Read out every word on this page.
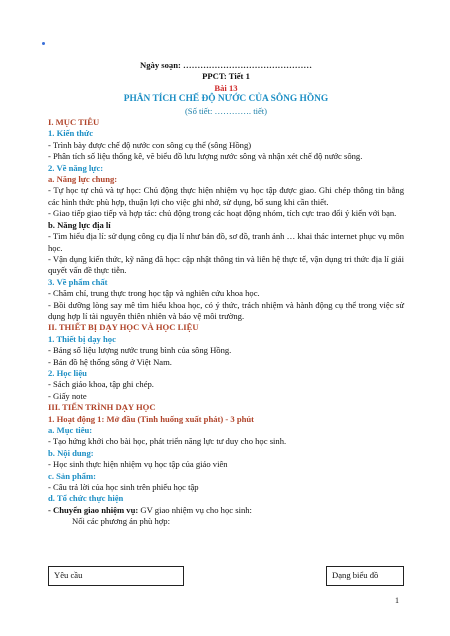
Ngày soạn: ………………………………………

PPCT: Tiết 1

Bài 13

PHÂN TÍCH CHẾ ĐỘ NƯỚC CỦA SÔNG HỒNG

(Số tiết: …………. tiết)

I. MỤC TIÊU

1. Kiến thức

- Trình bày được chế độ nước con sông cụ thể (sông Hồng)

- Phân tích số liệu thống kê, vẽ biểu đồ lưu lượng nước sông và nhận xét chế độ nước sông.

2. Về năng lực:

a. Năng lực chung:

- Tự học tự chủ và tự học: Chủ động thực hiện nhiệm vụ học tập được giao. Ghi chép thông tin bằng các hình thức phù hợp, thuận lợi cho việc ghi nhớ, sử dụng, bổ sung khi cần thiết.

- Giao tiếp giao tiếp và hợp tác: chủ động trong các hoạt động nhóm, tích cực trao đổi ý kiến với bạn.

b. Năng lực địa lí

- Tìm hiểu địa lí: sử dụng công cụ địa lí như bản đồ, sơ đồ, tranh ảnh … khai thác internet phục vụ môn học.

- Vận dụng kiến thức, kỹ năng đã học: cập nhật thông tin và liên hệ thực tế, vận dụng tri thức địa lí giải quyết vấn đề thực tiễn.

3. Về phẩm chất

- Chăm chỉ, trung thực trong học tập và nghiên cứu khoa học.

- Bồi dưỡng lòng say mê tìm hiểu khoa học, có ý thức, trách nhiệm và hành động cụ thể trong việc sử dụng hợp lí tài nguyên thiên nhiên và bảo vệ môi trường.

II. THIẾT BỊ DẠY HỌC VÀ HỌC LIỆU

1. Thiết bị dạy học

- Bảng số liệu lượng nước trung bình của sông Hồng.

- Bản đồ hệ thống sông ở Việt Nam.

2. Học liệu

- Sách giáo khoa, tập ghi chép.

- Giấy note

III. TIẾN TRÌNH DẠY HỌC

1. Hoạt động 1: Mở đầu (Tình huống xuất phát) - 3 phút

a. Mục tiêu:

- Tạo hứng khởi cho bài học, phát triển năng lực tư duy cho học sinh.

b. Nội dung:

- Học sinh thực hiện nhiệm vụ học tập của giáo viên

c. Sản phẩm:

- Câu trả lời của học sinh trên phiếu học tập

d. Tổ chức thực hiện

- Chuyển giao nhiệm vụ: GV giao nhiệm vụ cho học sinh:

Nối các phương án phù hợp:

Yêu cầu	Dạng biểu đồ
1
